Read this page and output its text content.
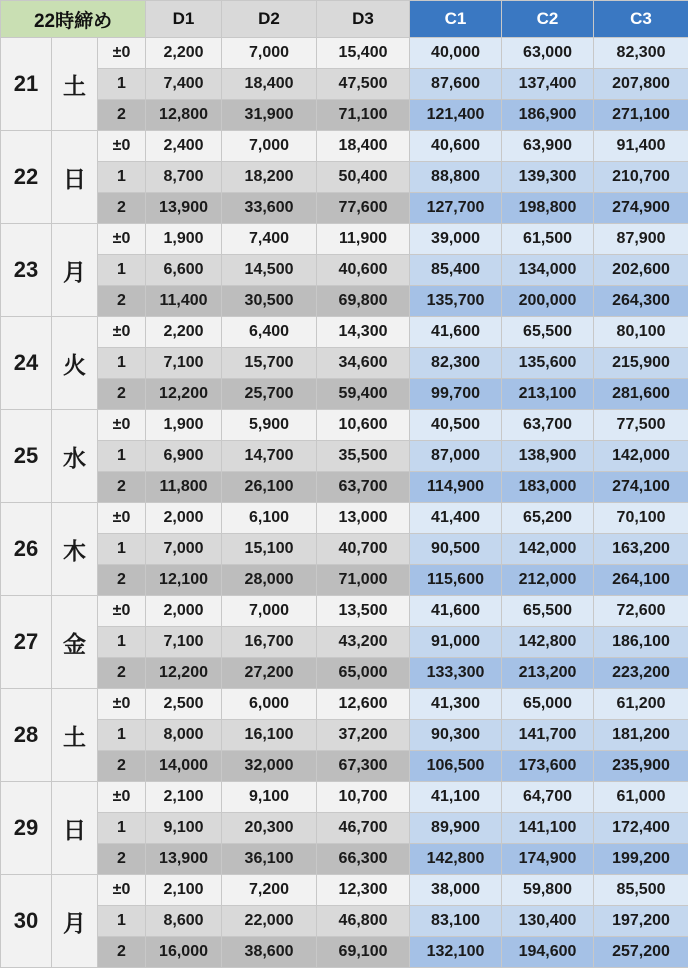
22時締め			D1	D2	D3	C1	C2	C3
21	土	±0	2,200	7,000	15,400	40,000	63,000	82,300
		1	7,400	18,400	47,500	87,600	137,400	207,800
		2	12,800	31,900	71,100	121,400	186,900	271,100
22	日	±0	2,400	7,000	18,400	40,600	63,900	91,400
		1	8,700	18,200	50,400	88,800	139,300	210,700
		2	13,900	33,600	77,600	127,700	198,800	274,900
23	月	±0	1,900	7,400	11,900	39,000	61,500	87,900
		1	6,600	14,500	40,600	85,400	134,000	202,600
		2	11,400	30,500	69,800	135,700	200,000	264,300
24	火	±0	2,200	6,400	14,300	41,600	65,500	80,100
		1	7,100	15,700	34,600	82,300	135,600	215,900
		2	12,200	25,700	59,400	99,700	213,100	281,600
25	水	±0	1,900	5,900	10,600	40,500	63,700	77,500
		1	6,900	14,700	35,500	87,000	138,900	142,000
		2	11,800	26,100	63,700	114,900	183,000	274,100
26	木	±0	2,000	6,100	13,000	41,400	65,200	70,100
		1	7,000	15,100	40,700	90,500	142,000	163,200
		2	12,100	28,000	71,000	115,600	212,000	264,100
27	金	±0	2,000	7,000	13,500	41,600	65,500	72,600
		1	7,100	16,700	43,200	91,000	142,800	186,100
		2	12,200	27,200	65,000	133,300	213,200	223,200
28	土	±0	2,500	6,000	12,600	41,300	65,000	61,200
		1	8,000	16,100	37,200	90,300	141,700	181,200
		2	14,000	32,000	67,300	106,500	173,600	235,900
29	日	±0	2,100	9,100	10,700	41,100	64,700	61,000
		1	9,100	20,300	46,700	89,900	141,100	172,400
		2	13,900	36,100	66,300	142,800	174,900	199,200
30	月	±0	2,100	7,200	12,300	38,000	59,800	85,500
		1	8,600	22,000	46,800	83,100	130,400	197,200
		2	16,000	38,600	69,100	132,100	194,600	257,200
